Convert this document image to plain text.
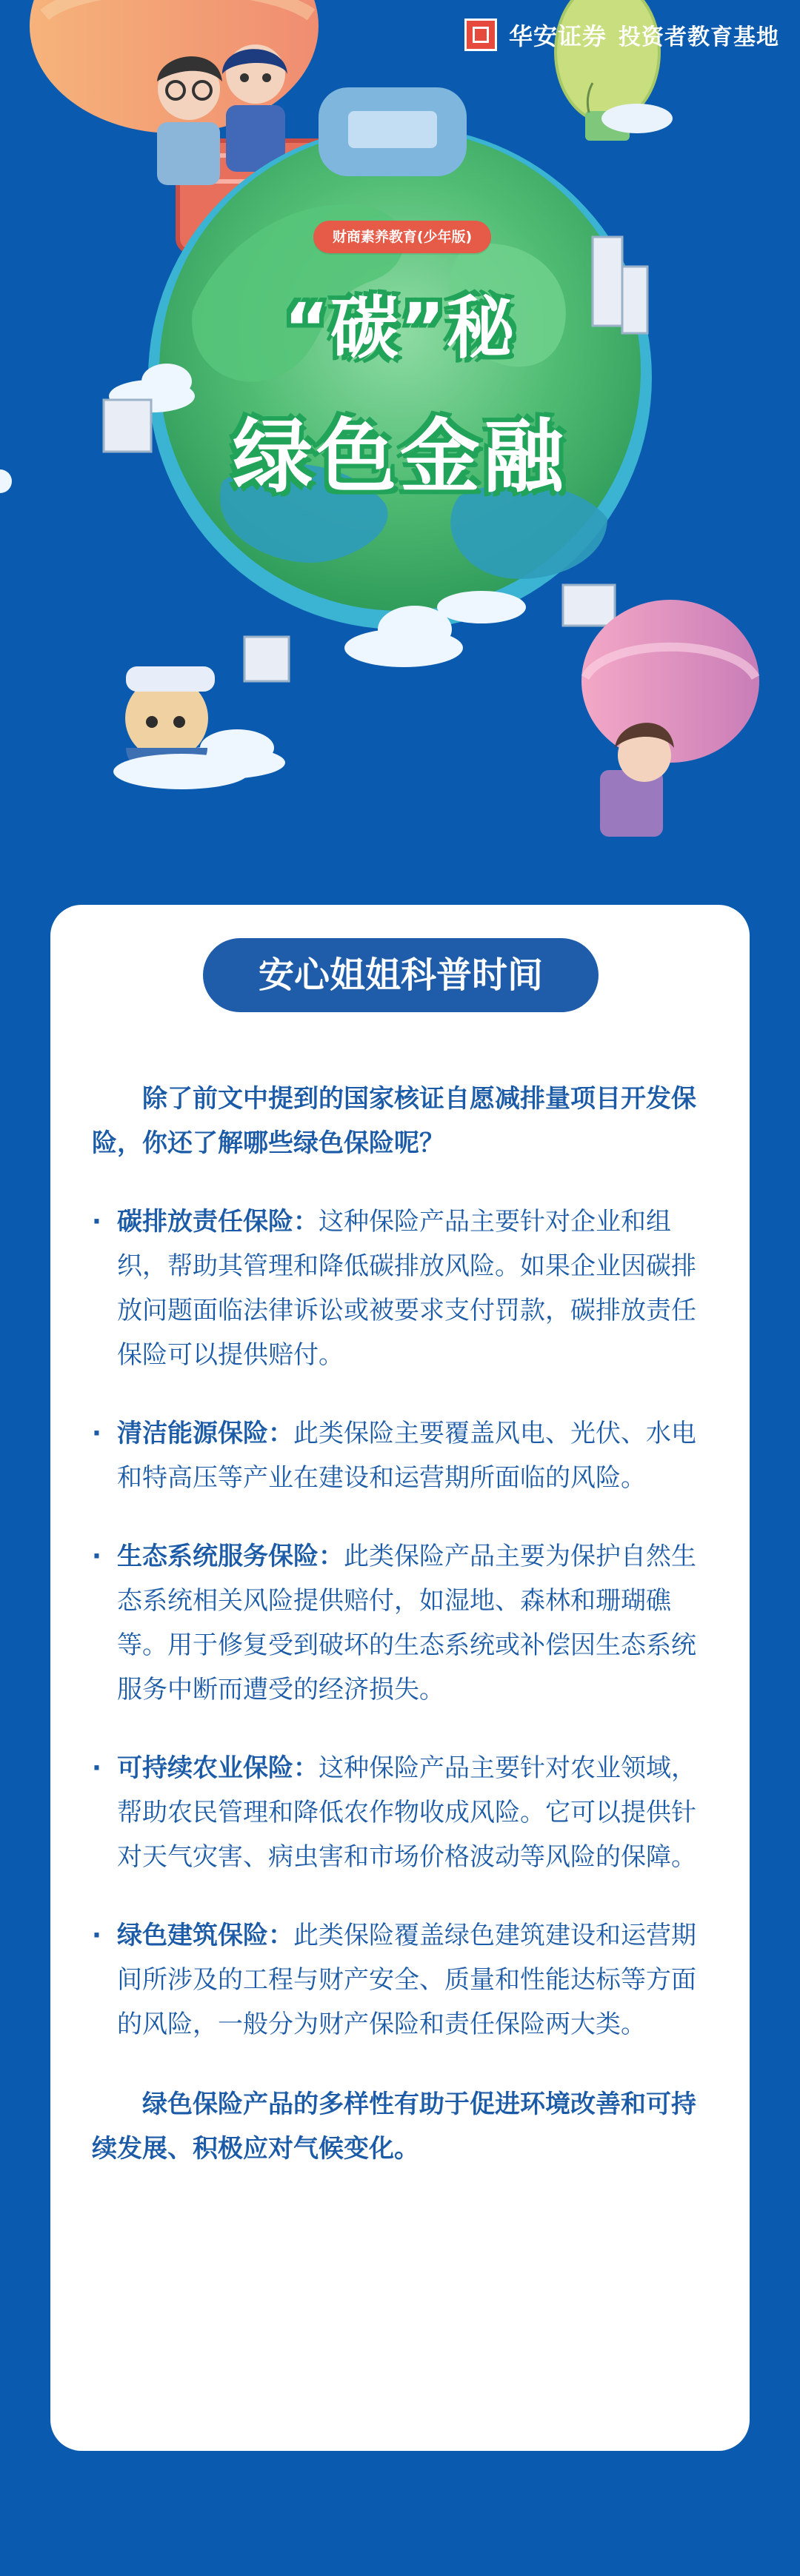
华安证券 投资者教育基地
财商素养教育(少年版)
“碳”秘
绿色金融
安心姐姐科普时间

除了前文中提到的国家核证自愿减排量项目开发保险，你还了解哪些绿色保险呢？

· 碳排放责任保险：这种保险产品主要针对企业和组织，帮助其管理和降低碳排放风险。如果企业因碳排放问题面临法律诉讼或被要求支付罚款，碳排放责任保险可以提供赔付。
· 清洁能源保险：此类保险主要覆盖风电、光伏、水电和特高压等产业在建设和运营期所面临的风险。
· 生态系统服务保险：此类保险产品主要为保护自然生态系统相关风险提供赔付，如湿地、森林和珊瑚礁等。用于修复受到破坏的生态系统或补偿因生态系统服务中断而遭受的经济损失。
· 可持续农业保险：这种保险产品主要针对农业领域，帮助农民管理和降低农作物收成风险。它可以提供针对天气灾害、病虫害和市场价格波动等风险的保障。
· 绿色建筑保险：此类保险覆盖绿色建筑建设和运营期间所涉及的工程与财产安全、质量和性能达标等方面的风险，一般分为财产保险和责任保险两大类。

绿色保险产品的多样性有助于促进环境改善和可持续发展、积极应对气候变化。
